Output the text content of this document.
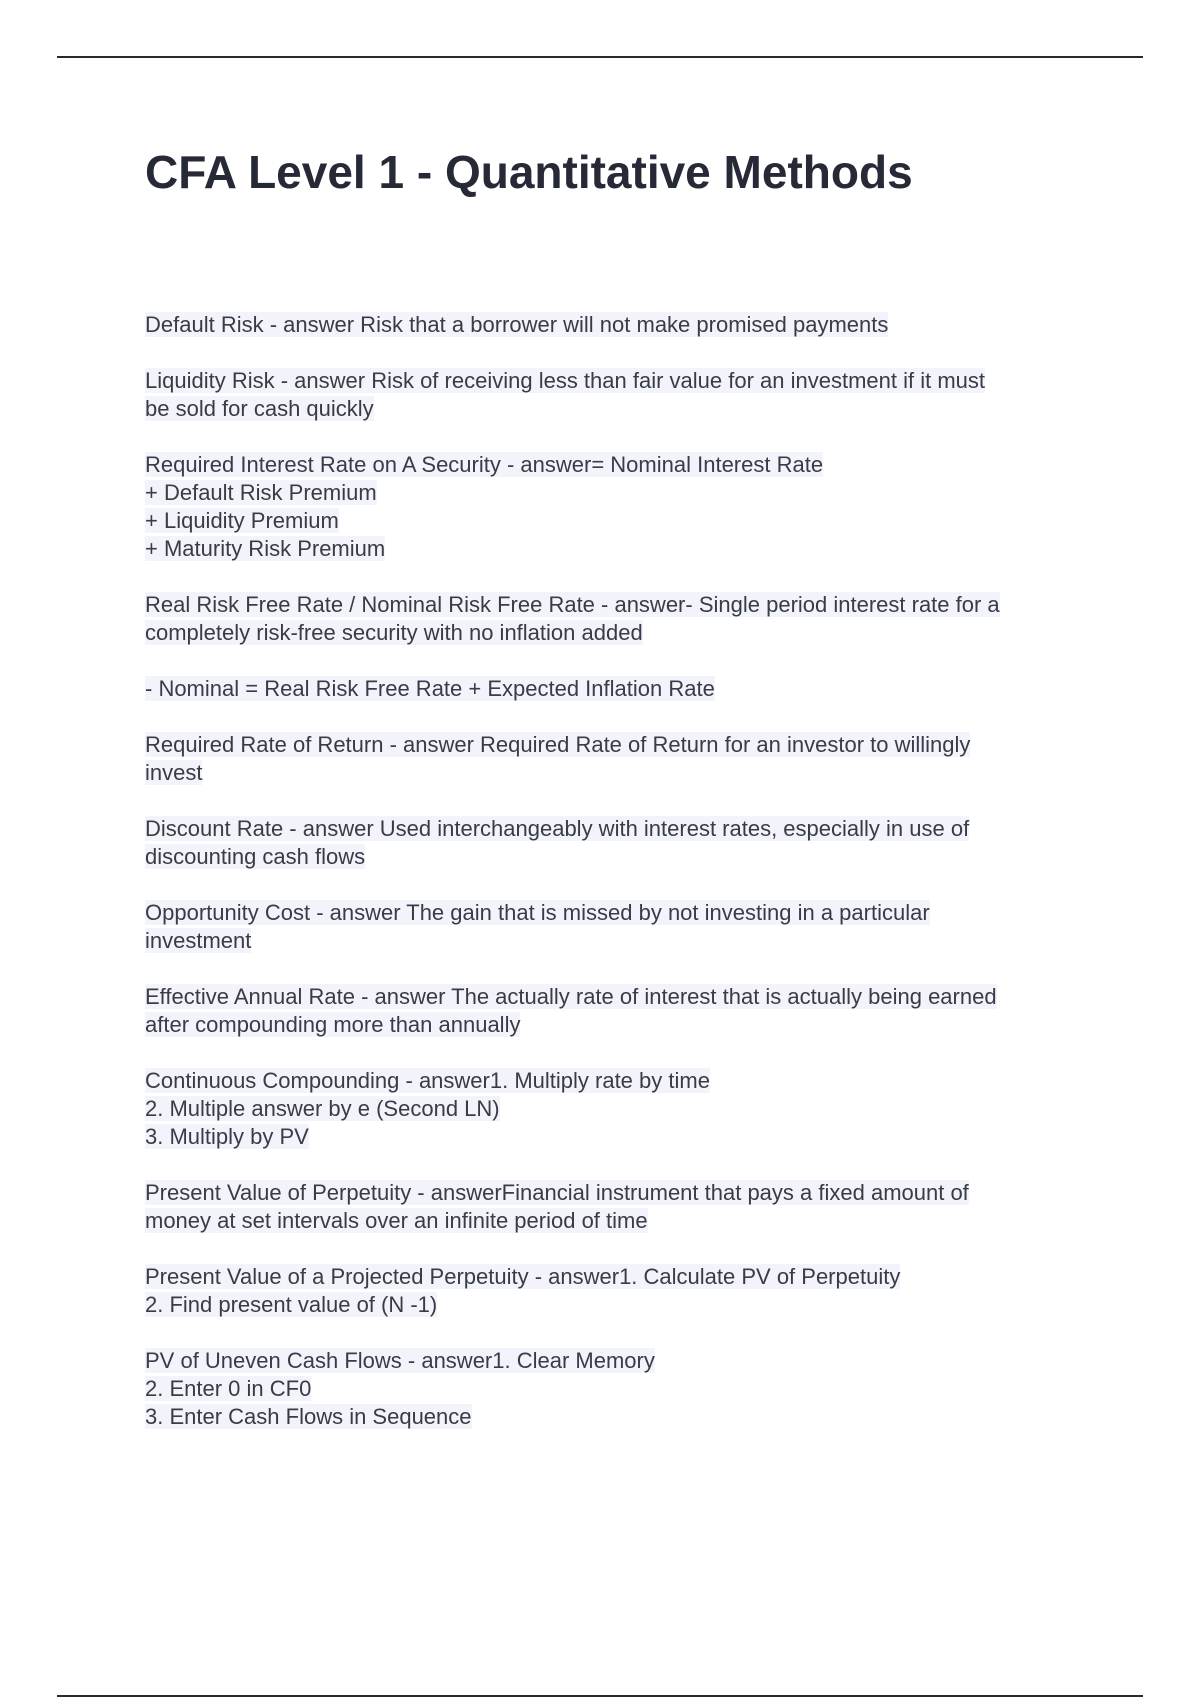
CFA Level 1 - Quantitative Methods
Default Risk - answer Risk that a borrower will not make promised payments
Liquidity Risk - answer Risk of receiving less than fair value for an investment if it must
be sold for cash quickly
Required Interest Rate on A Security - answer= Nominal Interest Rate
+ Default Risk Premium
+ Liquidity Premium
+ Maturity Risk Premium
Real Risk Free Rate / Nominal Risk Free Rate - answer- Single period interest rate for a
completely risk-free security with no inflation added
- Nominal = Real Risk Free Rate + Expected Inflation Rate
Required Rate of Return - answer Required Rate of Return for an investor to willingly
invest
Discount Rate - answer Used interchangeably with interest rates, especially in use of
discounting cash flows
Opportunity Cost - answer The gain that is missed by not investing in a particular
investment
Effective Annual Rate - answer The actually rate of interest that is actually being earned
after compounding more than annually
Continuous Compounding - answer1. Multiply rate by time
2. Multiple answer by e (Second LN)
3. Multiply by PV
Present Value of Perpetuity - answerFinancial instrument that pays a fixed amount of
money at set intervals over an infinite period of time
Present Value of a Projected Perpetuity - answer1. Calculate PV of Perpetuity
2. Find present value of (N -1)
PV of Uneven Cash Flows - answer1. Clear Memory
2. Enter 0 in CF0
3. Enter Cash Flows in Sequence
